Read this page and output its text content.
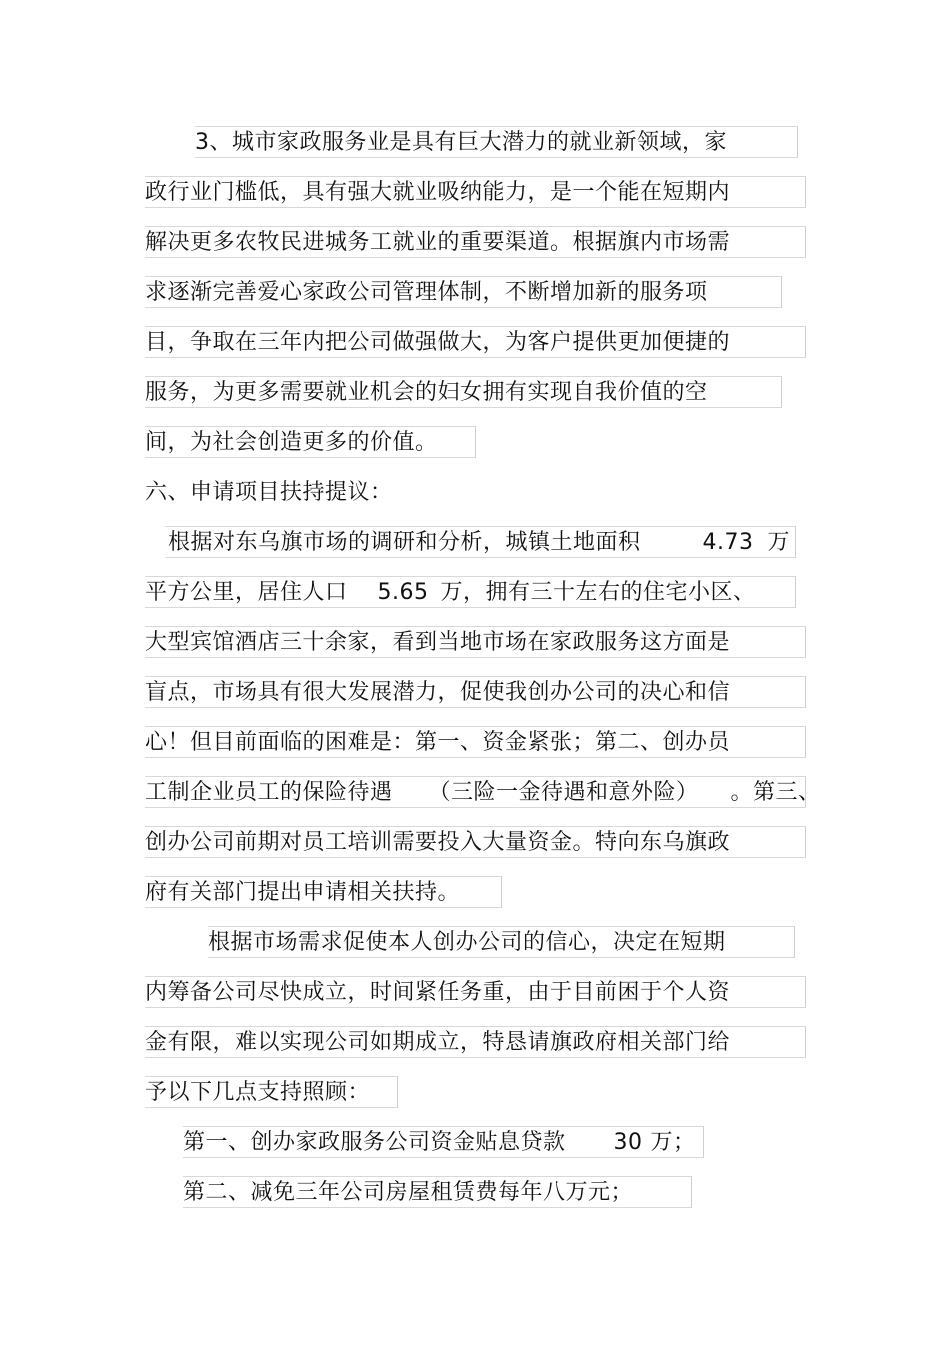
3、城市家政服务业是具有巨大潜力的就业新领域，家
政行业门槛低，具有强大就业吸纳能力，是一个能在短期内
解决更多农牧民进城务工就业的重要渠道。根据旗内市场需
求逐渐完善爱心家政公司管理体制，不断增加新的服务项
目，争取在三年内把公司做强做大，为客户提供更加便捷的
服务，为更多需要就业机会的妇女拥有实现自我价值的空
间，为社会创造更多的价值。
六、申请项目扶持提议：
根据对东乌旗市场的调研和分析，城镇土地面积	4.73 万
平方公里，居住人口 5.65 万，拥有三十左右的住宅小区、
大型宾馆酒店三十余家，看到当地市场在家政服务这方面是
盲点，市场具有很大发展潜力，促使我创办公司的决心和信
心！但目前面临的困难是：第一、资金紧张；第二、创办员
工制企业员工的保险待遇 （三险一金待遇和意外险） 。第三、
创办公司前期对员工培训需要投入大量资金。特向东乌旗政
府有关部门提出申请相关扶持。
根据市场需求促使本人创办公司的信心，决定在短期
内筹备公司尽快成立，时间紧任务重，由于目前困于个人资
金有限，难以实现公司如期成立，特恳请旗政府相关部门给
予以下几点支持照顾：
第一、创办家政服务公司资金贴息贷款 30 万；
第二、减免三年公司房屋租赁费每年八万元；
